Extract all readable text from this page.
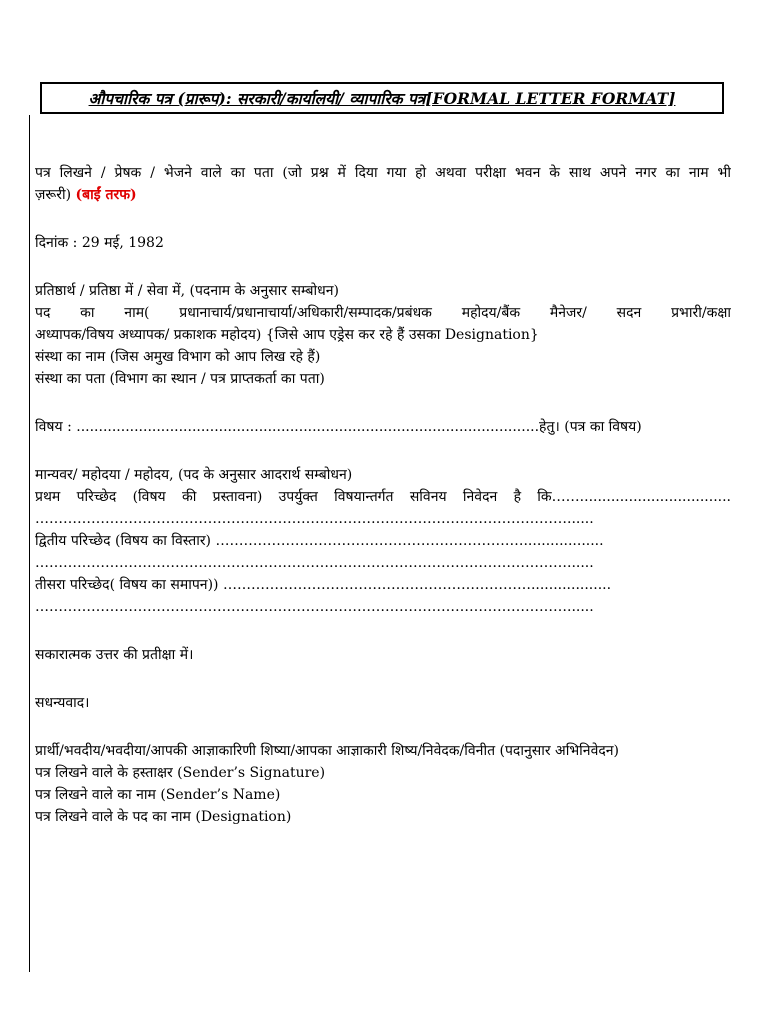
औपचारिक पत्र (प्रारूप): सरकारी/कार्यालयी/ व्यापारिक पत्र[FORMAL LETTER FORMAT]

पत्र लिखने / प्रेषक / भेजने वाले का पता (जो प्रश्न में दिया गया हो अथवा परीक्षा भवन के साथ अपने नगर का नाम भी

ज़रूरी) (बाईं तरफ)

दिनांक : 29 मई, 1982

प्रतिष्ठार्थ / प्रतिष्ठा में / सेवा में, (पदनाम के अनुसार सम्बोधन)

पद का नाम( प्रधानाचार्य/प्रधानाचार्या/अधिकारी/सम्पादक/प्रबंधक महोदय/बैंक मैनेजर/ सदन प्रभारी/कक्षा

अध्यापक/विषय अध्यापक/ प्रकाशक महोदय) {जिसे आप एड्रेस कर रहे हैं उसका Designation}

संस्था का नाम (जिस अमुख विभाग को आप लिख रहे हैं)

संस्था का पता (विभाग का स्थान / पत्र प्राप्तकर्ता का पता)

विषय : ........................................................................................................हेतु। (पत्र का विषय)

मान्यवर/ महोदया / महोदय, (पद के अनुसार आदरार्थ सम्बोधन)

प्रथम परिच्छेद (विषय की प्रस्तावना) उपर्युक्त विषयान्तर्गत सविनय निवेदन है कि……..................................

……………………………………………………………………………………………………......

द्वितीय परिच्छेद (विषय का विस्तार) …………………………………………………………..................

……………………………………………………………………………………………………......

तीसरा परिच्छेद( विषय का समापन)) …………………………………………………………..................

……………………………………………………………………………………………………......

सकारात्मक उत्तर की प्रतीक्षा में।

सधन्यवाद।

प्रार्थी/भवदीय/भवदीया/आपकी आज्ञाकारिणी शिष्या/आपका आज्ञाकारी शिष्य/निवेदक/विनीत (पदानुसार अभिनिवेदन)

पत्र लिखने वाले के हस्ताक्षर (Sender’s Signature)

पत्र लिखने वाले का नाम (Sender’s Name)

पत्र लिखने वाले के पद का नाम (Designation)
